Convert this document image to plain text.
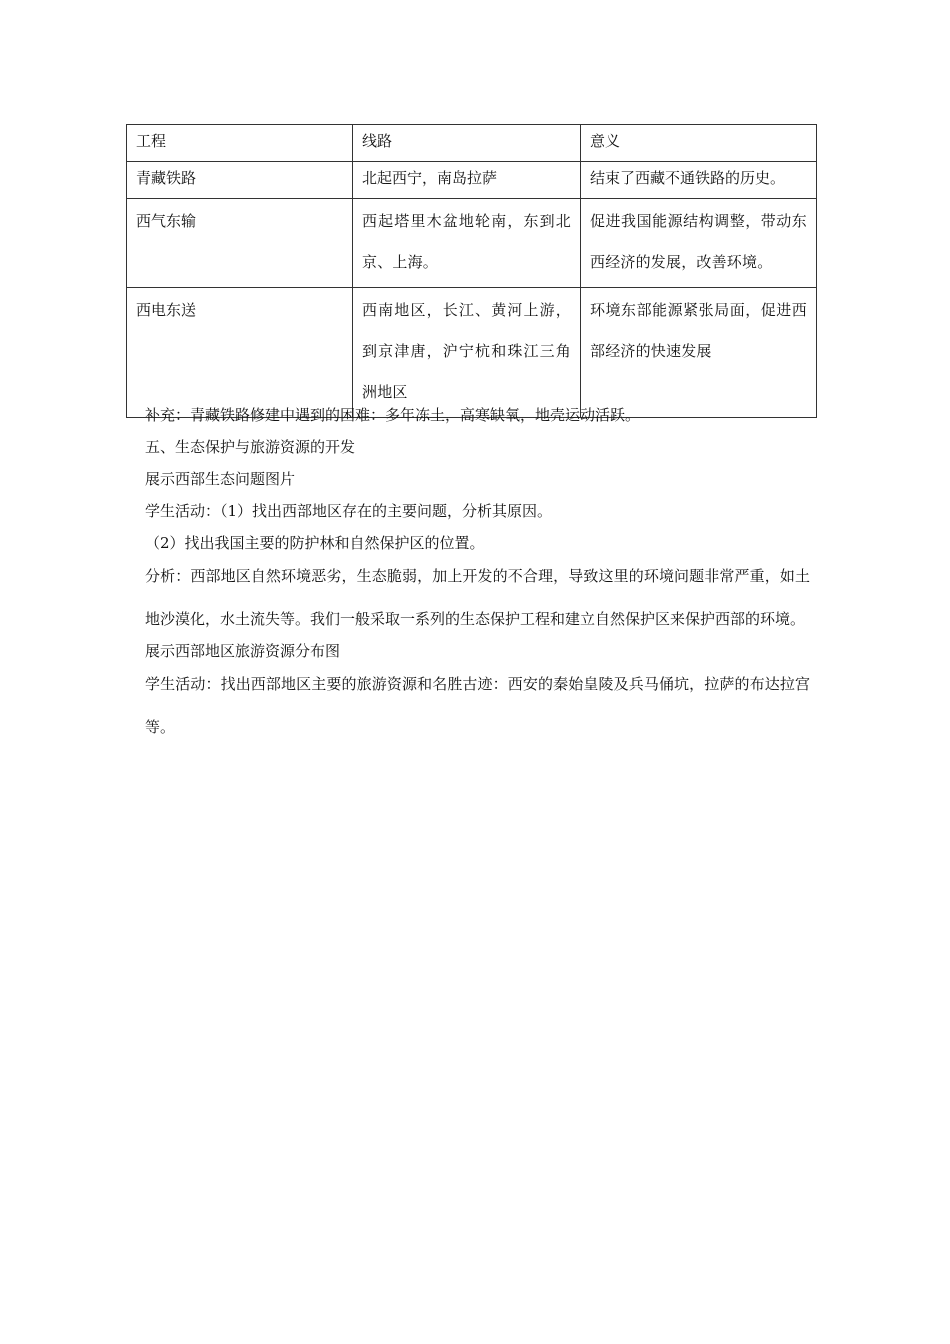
工程	线路	意义
青藏铁路	北起西宁，南岛拉萨	结束了西藏不通铁路的历史。
西气东输	西起塔里木盆地轮南，东到北京、上海。	促进我国能源结构调整，带动东西经济的发展，改善环境。
西电东送	西南地区，长江、黄河上游，到京津唐，沪宁杭和珠江三角洲地区	环境东部能源紧张局面，促进西部经济的快速发展

补充：青藏铁路修建中遇到的困难：多年冻土，高寒缺氧，地壳运动活跃。

五、生态保护与旅游资源的开发

展示西部生态问题图片

学生活动：（1）找出西部地区存在的主要问题，分析其原因。

（2）找出我国主要的防护林和自然保护区的位置。

分析：西部地区自然环境恶劣，生态脆弱，加上开发的不合理，导致这里的环境问题非常严重，如土地沙漠化，水土流失等。我们一般采取一系列的生态保护工程和建立自然保护区来保护西部的环境。

展示西部地区旅游资源分布图

学生活动：找出西部地区主要的旅游资源和名胜古迹：西安的秦始皇陵及兵马俑坑，拉萨的布达拉宫等。
